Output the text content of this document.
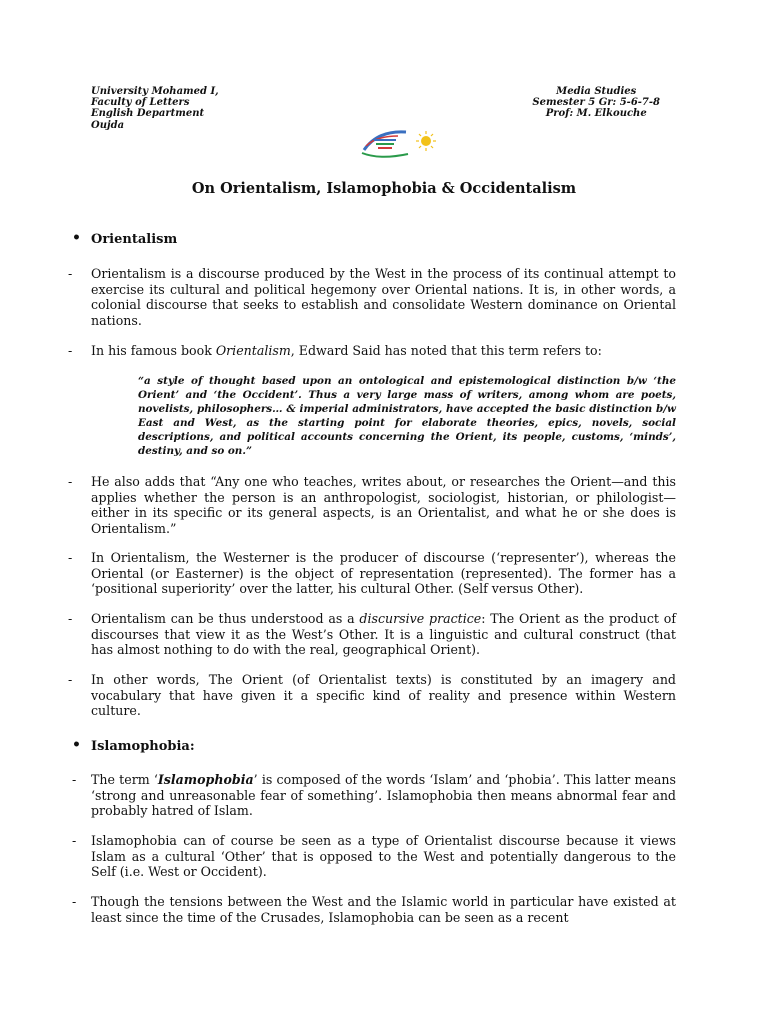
University Mohamed I,
Faculty of Letters
English Department
Oujda
Media Studies
Semester 5 Gr: 5-6-7-8
Prof: M. Elkouche
On Orientalism, Islamophobia & Occidentalism
• Orientalism
- Orientalism is a discourse produced by the West in the process of its continual attempt to exercise its cultural and political hegemony over Oriental nations. It is, in other words, a colonial discourse that seeks to establish and consolidate Western dominance on Oriental nations.
- In his famous book Orientalism, Edward Said has noted that this term refers to:
“a style of thought based upon an ontological and epistemological distinction b/w ‘the Orient’ and ‘the Occident’. Thus a very large mass of writers, among whom are poets, novelists, philosophers… & imperial administrators, have accepted the basic distinction b/w East and West, as the starting point for elaborate theories, epics, novels, social descriptions, and political accounts concerning the Orient, its people, customs, ‘minds’, destiny, and so on.”
- He also adds that “Any one who teaches, writes about, or researches the Orient—and this applies whether the person is an anthropologist, sociologist, historian, or philologist—either in its specific or its general aspects, is an Orientalist, and what he or she does is Orientalism.”
- In Orientalism, the Westerner is the producer of discourse (‘representer’), whereas the Oriental (or Easterner) is the object of representation (represented). The former has a ‘positional superiority’ over the latter, his cultural Other. (Self versus Other).
- Orientalism can be thus understood as a discursive practice: The Orient as the product of discourses that view it as the West’s Other. It is a linguistic and cultural construct (that has almost nothing to do with the real, geographical Orient).
- In other words, The Orient (of Orientalist texts) is constituted by an imagery and vocabulary that have given it a specific kind of reality and presence within Western culture.
• Islamophobia:
- The term ‘Islamophobia’ is composed of the words ‘Islam’ and ‘phobia’. This latter means ‘strong and unreasonable fear of something’. Islamophobia then means abnormal fear and probably hatred of Islam.
- Islamophobia can of course be seen as a type of Orientalist discourse because it views Islam as a cultural ‘Other’ that is opposed to the West and potentially dangerous to the Self (i.e. West or Occident).
- Though the tensions between the West and the Islamic world in particular have existed at least since the time of the Crusades, Islamophobia can be seen as a recent
